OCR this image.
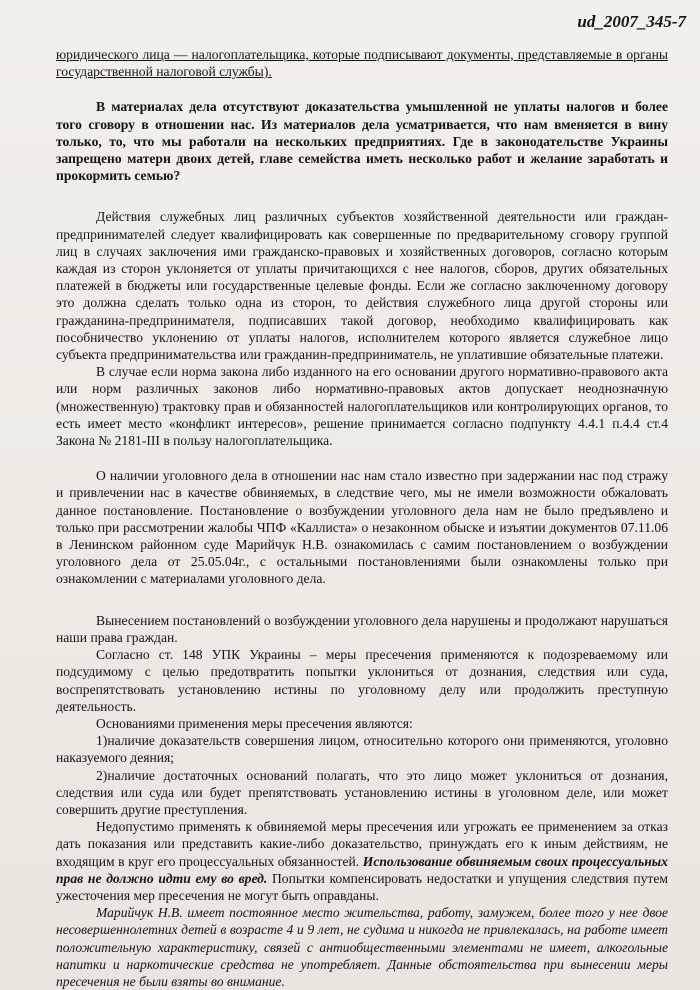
ud_2007_345-7

юридического лица — налогоплательщика, которые подписывают документы, представляемые в органы государственной налоговой службы).

В материалах дела отсутствуют доказательства умышленной не уплаты налогов и более того сговору в отношении нас. Из материалов дела усматривается, что нам вменяется в вину только, то, что мы работали на нескольких предприятиях. Где в законодательстве Украины запрещено матери двоих детей, главе семейства иметь несколько работ и желание заработать и прокормить семью?

Действия служебных лиц различных субъектов хозяйственной деятельности или граждан-предпринимателей следует квалифицировать как совершенные по предварительному сговору группой лиц в случаях заключения ими гражданско-правовых и хозяйственных договоров, согласно которым каждая из сторон уклоняется от уплаты причитающихся с нее налогов, сборов, других обязательных платежей в бюджеты или государственные целевые фонды. Если же согласно заключенному договору это должна сделать только одна из сторон, то действия служебного лица другой стороны или гражданина-предпринимателя, подписавших такой договор, необходимо квалифицировать как пособничество уклонению от уплаты налогов, исполнителем которого является служебное лицо субъекта предпринимательства или гражданин-предприниматель, не уплатившие обязательные платежи.

В случае если норма закона либо изданного на его основании другого нормативно-правового акта или норм различных законов либо нормативно-правовых актов допускает неоднозначную (множественную) трактовку прав и обязанностей налогоплательщиков или контролирующих органов, то есть имеет место «конфликт интересов», решение принимается согласно подпункту 4.4.1 п.4.4 ст.4 Закона № 2181-III в пользу налогоплательщика.

О наличии уголовного дела в отношении нас нам стало известно при задержании нас под стражу и привлечении нас в качестве обвиняемых, в следствие чего, мы не имели возможности обжаловать данное постановление. Постановление о возбуждении уголовного дела нам не было предъявлено и только при рассмотрении жалобы ЧПФ «Каллиста» о незаконном обыске и изъятии документов 07.11.06 в Ленинском районном суде Марийчук Н.В. ознакомилась с самим постановлением о возбуждении уголовного дела от 25.05.04г., с остальными постановлениями были ознакомлены только при ознакомлении с материалами уголовного дела.

Вынесением постановлений о возбуждении уголовного дела нарушены и продолжают нарушаться наши права граждан.

Согласно ст. 148 УПК Украины – меры пресечения применяются к подозреваемому или подсудимому с целью предотвратить попытки уклониться от дознания, следствия или суда, воспрепятствовать установлению истины по уголовному делу или продолжить преступную деятельность.

Основаниями применения меры пресечения являются:

1)наличие доказательств совершения лицом, относительно которого они применяются, уголовно наказуемого деяния;

2)наличие достаточных оснований полагать, что это лицо может уклониться от дознания, следствия или суда или будет препятствовать установлению истины в уголовном деле, или может совершить другие преступления.

Недопустимо применять к обвиняемой меры пресечения или угрожать ее применением за отказ дать показания или представить какие-либо доказательство, принуждать его к иным действиям, не входящим в круг его процессуальных обязанностей. Использование обвиняемым своих процессуальных прав не должно идти ему во вред. Попытки компенсировать недостатки и упущения следствия путем ужесточения мер пресечения не могут быть оправданы.

Марийчук Н.В. имеет постоянное место жительства, работу, замужем, более того у нее двое несовершеннолетних детей в возрасте 4 и 9 лет, не судима и никогда не привлекалась, на работе имеет положительную характеристику, связей с антиобщественными элементами не имеет, алкогольные напитки и наркотические средства не употребляет. Данные обстоятельства при вынесении меры пресечения не были взяты во внимание.
